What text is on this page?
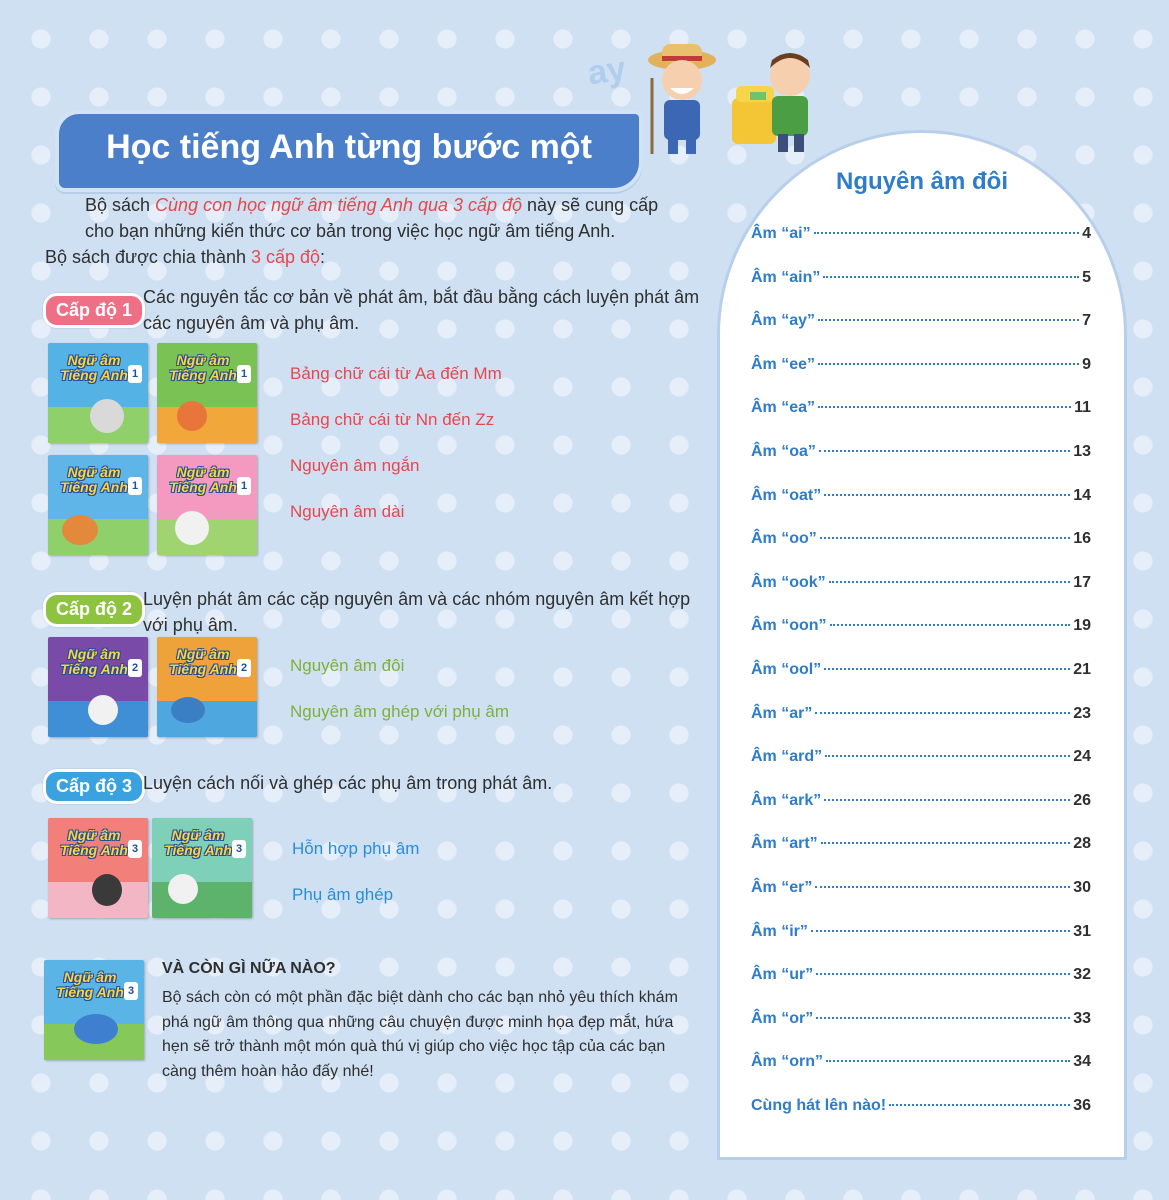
ay
Học tiếng Anh từng bước một

Bộ sách Cùng con học ngữ âm tiếng Anh qua 3 cấp độ này sẽ cung cấp cho bạn những kiến thức cơ bản trong việc học ngữ âm tiếng Anh.

Bộ sách được chia thành 3 cấp độ:

Cấp độ 1
Các nguyên tắc cơ bản về phát âm, bắt đầu bằng cách luyện phát âm các nguyên âm và phụ âm.
Ngữ âm Tiếng Anh 1
Ngữ âm Tiếng Anh 1
Ngữ âm Tiếng Anh 1
Ngữ âm Tiếng Anh 1
Bảng chữ cái từ Aa đến Mm
Bảng chữ cái từ Nn đến Zz
Nguyên âm ngắn
Nguyên âm dài
Cấp độ 2 Luyện phát âm các cặp nguyên âm và các nhóm nguyên âm kết hợp với phụ âm.
Ngữ âm Tiếng Anh 2
Ngữ âm Tiếng Anh 2	Nguyên âm đôi
Nguyên âm ghép với phụ âm
Cấp độ 3 Luyện cách nối và ghép các phụ âm trong phát âm.
Ngữ âm Tiếng Anh 3
Ngữ âm Tiếng Anh 3	Hỗn hợp phụ âm
Phụ âm ghép
Ngữ âm Tiếng Anh 3
VÀ CÒN GÌ NỮA NÀO?
Bộ sách còn có một phần đặc biệt dành cho các bạn nhỏ yêu thích khám phá ngữ âm thông qua những câu chuyện được minh họa đẹp mắt, hứa hẹn sẽ trở thành một món quà thú vị giúp cho việc học tập của các bạn càng thêm hoàn hảo đấy nhé!
Nguyên âm đôi
Âm “ai”	4
Âm “ain”	5
Âm “ay”	7
Âm “ee”	9
Âm “ea”	11
Âm “oa”	13
Âm “oat”	14
Âm “oo”	16
Âm “ook”	17
Âm “oon”	19
Âm “ool”	21
Âm “ar”	23
Âm “ard”	24
Âm “ark”	26
Âm “art”	28
Âm “er”	30
Âm “ir”	31
Âm “ur”	32
Âm “or”	33
Âm “orn”	34
Cùng hát lên nào!	36
